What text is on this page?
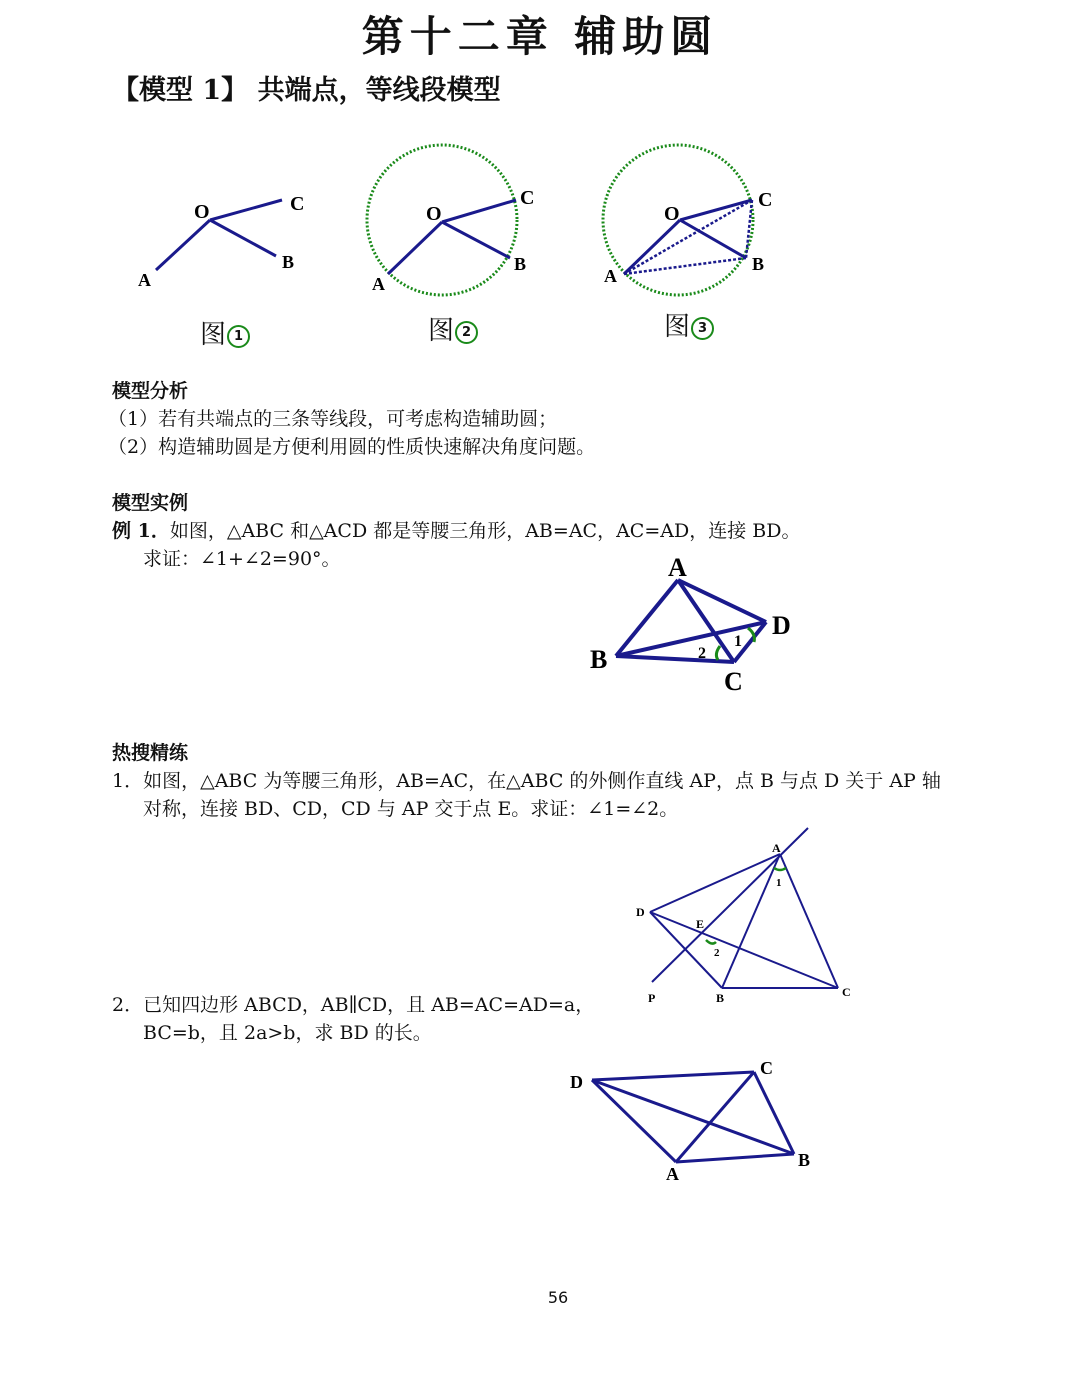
第十二章 辅助圆
【模型 1】 共端点，等线段模型
O	C
B
A
图 1
O
C
B
A
图 2
O
C
B
A
图 3
模型分析
（1）若有共端点的三条等线段，可考虑构造辅助圆；
（2）构造辅助圆是方便利用圆的性质快速解决角度问题。
模型实例
例 1．如图，△ABC 和△ACD 都是等腰三角形，AB=AC，AC=AD，连接 BD。
求证：∠1+∠2=90°。	A
B
C
D
1
2
热搜精练
1．如图，△ABC 为等腰三角形，AB=AC，在△ABC 的外侧作直线 AP，点 B 与点 D 关于 AP 轴
对称，连接 BD、CD，CD 与 AP 交于点 E。求证：∠1=∠2。
A
1
D
E
2
P	B	C
2．已知四边形 ABCD，AB∥CD，且 AB=AC=AD=a，
BC=b，且 2a>b，求 BD 的长。
D
C
B
A
56
